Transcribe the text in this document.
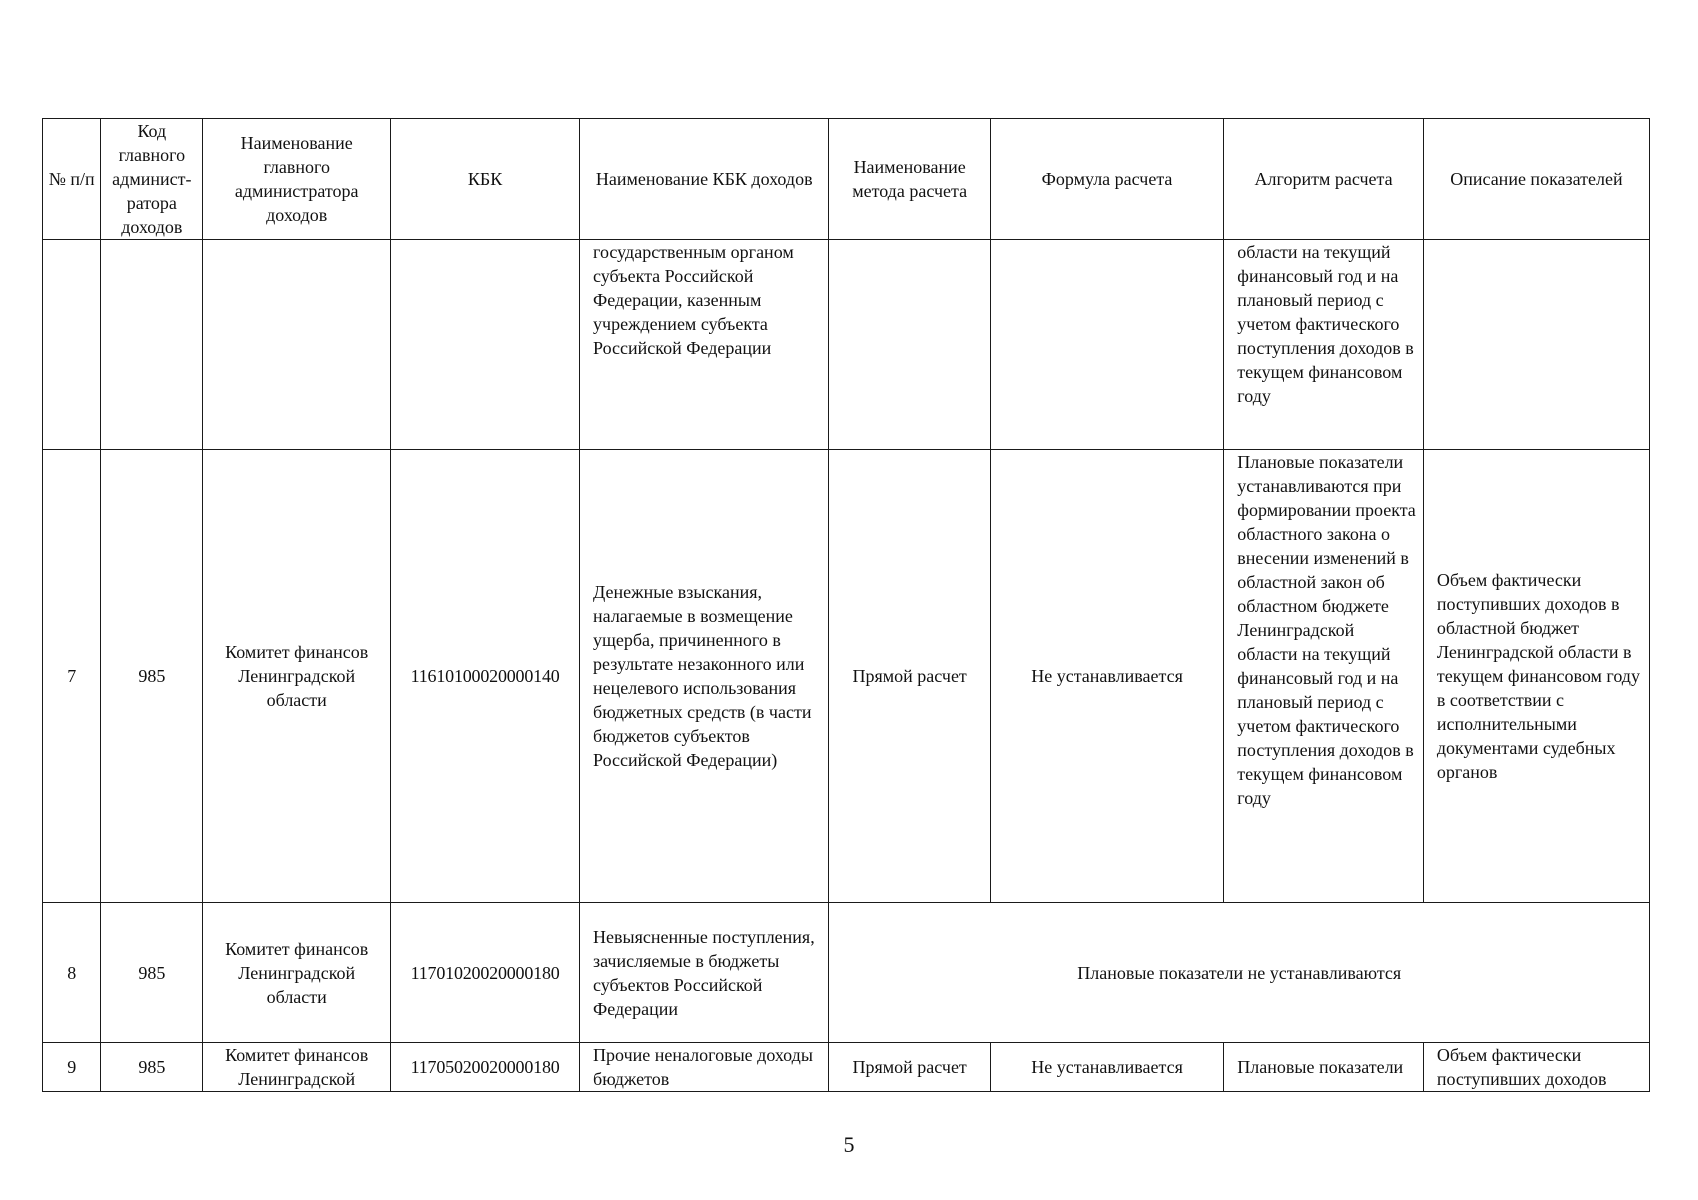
№ п/п	Код главного админист-ратора доходов	Наименование главного администратора доходов	КБК	Наименование КБК доходов	Наименование метода расчета	Формула расчета	Алгоритм расчета	Описание показателей
				государственным органом субъекта Российской Федерации, казенным учреждением субъекта Российской Федерации			области на текущий финансовый год и на плановый период с учетом фактического поступления доходов в текущем финансовом году	
7	985	Комитет финансов Ленинградской области	11610100020000140	Денежные взыскания, налагаемые в возмещение ущерба, причиненного в результате незаконного или нецелевого использования бюджетных средств (в части бюджетов субъектов Российской Федерации)	Прямой расчет	Не устанавливается	Плановые показатели устанавливаются при формировании проекта областного закона о внесении изменений в областной закон об областном бюджете Ленинградской области на текущий финансовый год и на плановый период с учетом фактического поступления доходов в текущем финансовом году	Объем фактически поступивших доходов в областной бюджет Ленинградской области в текущем финансовом году в соответствии с исполнительными документами судебных органов
8	985	Комитет финансов Ленинградской области	11701020020000180	Невыясненные поступления, зачисляемые в бюджеты субъектов Российской Федерации	Плановые показатели не устанавливаются			
9	985	Комитет финансов Ленинградской	11705020020000180	Прочие неналоговые доходы бюджетов	Прямой расчет	Не устанавливается	Плановые показатели	Объем фактически поступивших доходов
5
